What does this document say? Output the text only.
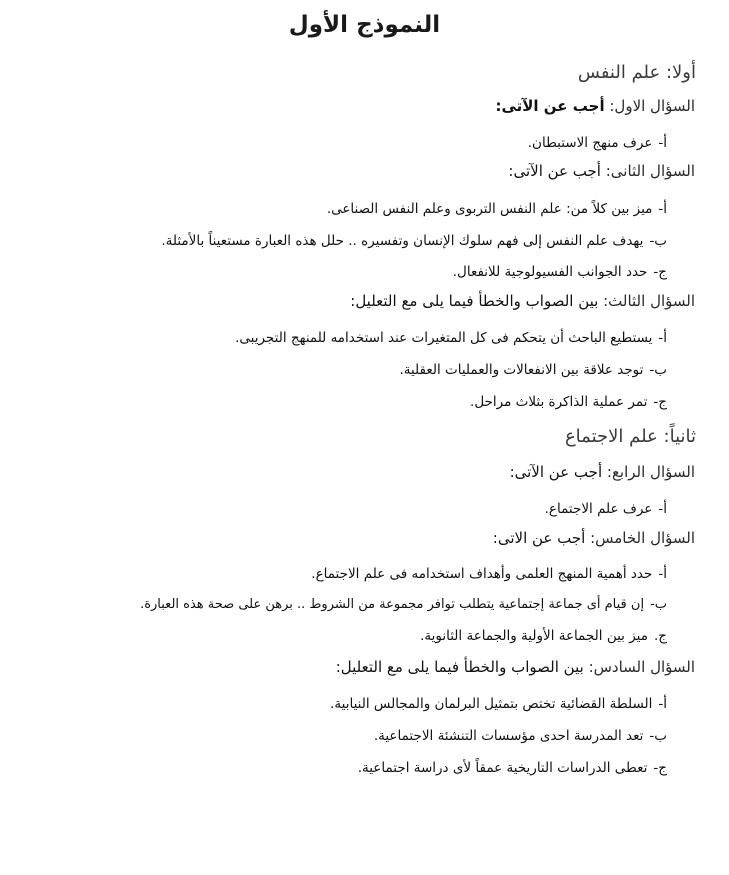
النموذج الأول
أولا: علم النفس
السؤال الاول: أجب عن الآتى:
أ-عرف منهج الاستبطان.
السؤال الثانى: أجب عن الآتى:
أ-ميز بين كلاً من: علم النفس التربوى وعلم النفس الصناعى.
ب-يهدف علم النفس إلى فهم سلوك الإنسان وتفسيره .. حلل هذه العبارة مستعيناً بالأمثلة.
ج-حدد الجوانب الفسيولوجية للانفعال.
السؤال الثالث: بين الصواب والخطأ فيما يلى مع التعليل:
أ-يستطيع الباحث أن يتحكم فى كل المتغيرات عند استخدامه للمنهج التجريبى.
ب-توجد علاقة بين الانفعالات والعمليات العقلية.
ج-تمر عملية الذاكرة بثلاث مراحل.
ثانياً: علم الاجتماع
السؤال الرابع: أجب عن الآتى:
أ-عرف علم الاجتماع.
السؤال الخامس: أجب عن الاتى:
أ-حدد أهمية المنهج العلمى وأهداف استخدامه فى علم الاجتماع.
ب-إن قيام أى جماعة إجتماعية يتطلب توافر مجموعة من الشروط .. برهن على صحة هذه العبارة.
ج.ميز بين الجماعة الأولية والجماعة الثانوية.
السؤال السادس: بين الصواب والخطأ فيما يلى مع التعليل:
أ-السلطة القضائية تختص بتمثيل البرلمان والمجالس النيابية.
ب-تعد المدرسة احدى مؤسسات التنشئة الاجتماعية.
ج-تعطى الدراسات التاريخية عمقاً لأى دراسة اجتماعية.
